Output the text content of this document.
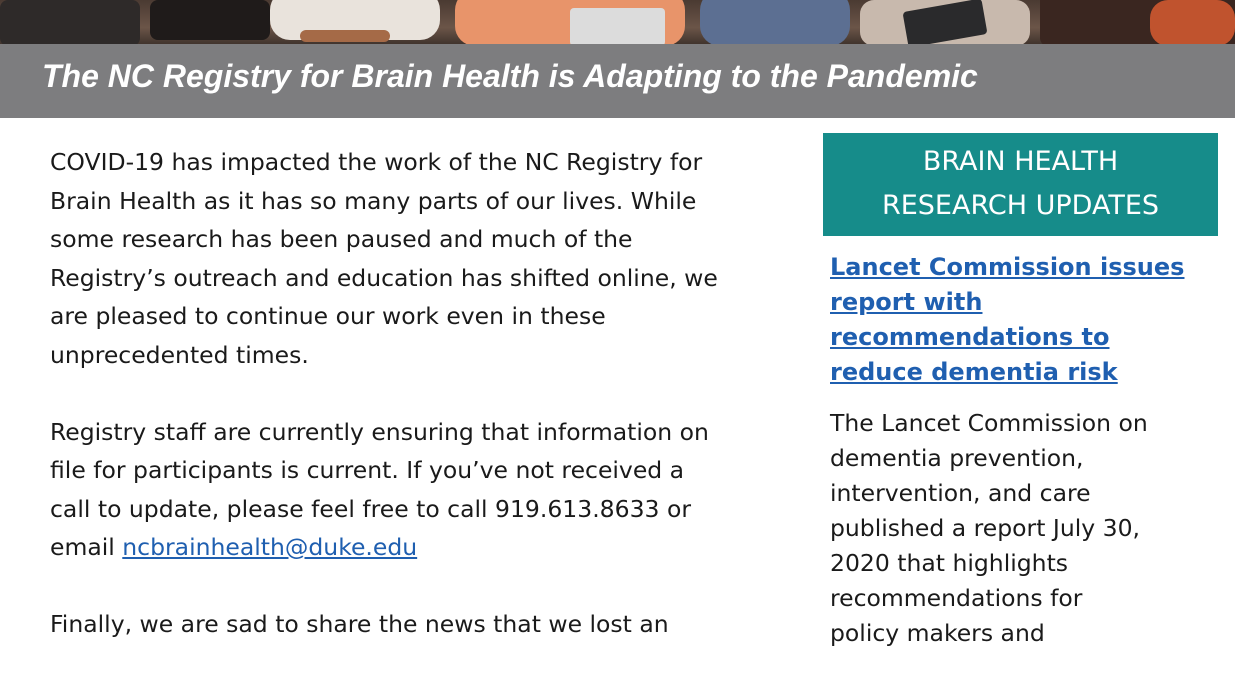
The NC Registry for Brain Health is Adapting to the Pandemic

COVID-19 has impacted the work of the NC Registry for
Brain Health as it has so many parts of our lives. While
some research has been paused and much of the
Registry’s outreach and education has shifted online, we
are pleased to continue our work even in these
unprecedented times.

Registry staff are currently ensuring that information on
file for participants is current. If you’ve not received a
call to update, please feel free to call 919.613.8633 or
email ncbrainhealth@duke.edu

Finally, we are sad to share the news that we lost an

BRAIN HEALTH
RESEARCH UPDATES
Lancet Commission issues
report with
recommendations to
reduce dementia risk
The Lancet Commission on
dementia prevention,
intervention, and care
published a report July 30,
2020 that highlights
recommendations for
policy makers and
